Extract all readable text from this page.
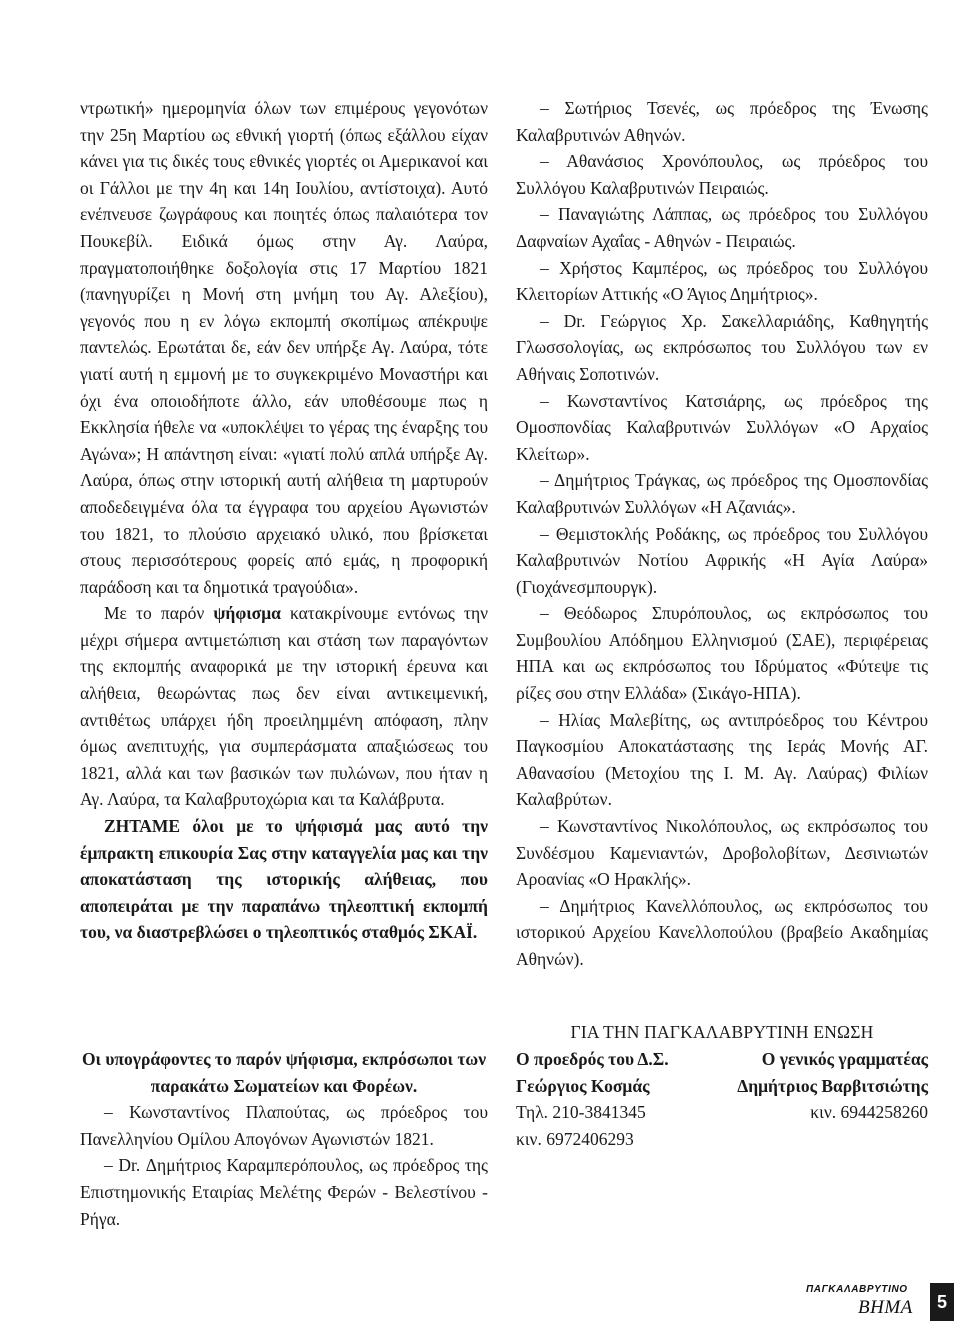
ντρωτική» ημερομηνία όλων των επιμέρους γεγονότων την 25η Μαρτίου ως εθνική γιορτή (όπως εξάλλου είχαν κάνει για τις δικές τους εθνικές γιορτές οι Αμερικανοί και οι Γάλλοι με την 4η και 14η Ιουλίου, αντίστοιχα). Αυτό ενέπνευσε ζωγράφους και ποιητές όπως παλαιότερα τον Πουκεβίλ. Ειδικά όμως στην Αγ. Λαύρα, πραγματοποιήθηκε δοξολογία στις 17 Μαρτίου 1821 (πανηγυρίζει η Μονή στη μνήμη του Αγ. Αλεξίου), γεγονός που η εν λόγω εκπομπή σκοπίμως απέκρυψε παντελώς. Ερωτάται δε, εάν δεν υπήρξε Αγ. Λαύρα, τότε γιατί αυτή η εμμονή με το συγκεκριμένο Μοναστήρι και όχι ένα οποιοδήποτε άλλο, εάν υποθέσουμε πως η Εκκλησία ήθελε να «υποκλέψει το γέρας της έναρξης του Αγώνα»; Η απάντηση είναι: «γιατί πολύ απλά υπήρξε Αγ. Λαύρα, όπως στην ιστορική αυτή αλήθεια τη μαρτυρούν αποδεδειγμένα όλα τα έγγραφα του αρχείου Αγωνιστών του 1821, το πλούσιο αρχειακό υλικό, που βρίσκεται στους περισσότερους φορείς από εμάς, η προφορική παράδοση και τα δημοτικά τραγούδια».

Με το παρόν ψήφισμα κατακρίνουμε εντόνως την μέχρι σήμερα αντιμετώπιση και στάση των παραγόντων της εκπομπής αναφορικά με την ιστορική έρευνα και αλήθεια, θεωρώντας πως δεν είναι αντικειμενική, αντιθέτως υπάρχει ήδη προειλημμένη απόφαση, πλην όμως ανεπιτυχής, για συμπεράσματα απαξιώσεως του 1821, αλλά και των βασικών των πυλώνων, που ήταν η Αγ. Λαύρα, τα Καλαβρυτοχώρια και τα Καλάβρυτα.

ΖΗΤΑΜΕ όλοι με το ψήφισμά μας αυτό την έμπρακτη επικουρία Σας στην καταγγελία μας και την αποκατάσταση της ιστορικής αλήθειας, που αποπειράται με την παραπάνω τηλεοπτική εκπομπή του, να διαστρεβλώσει ο τηλεοπτικός σταθμός ΣΚΑΪ.

Οι υπογράφοντες το παρόν ψήφισμα, εκπρόσωποι των παρακάτω Σωματείων και Φορέων.

– Κωνσταντίνος Πλαπούτας, ως πρόεδρος του Πανελληνίου Ομίλου Απογόνων Αγωνιστών 1821.

– Dr. Δημήτριος Καραμπερόπουλος, ως πρόεδρος της Επιστημονικής Εταιρίας Μελέτης Φερών - Βελεστίνου - Ρήγα.

– Σωτήριος Τσενές, ως πρόεδρος της Ένωσης Καλαβρυτινών Αθηνών.

– Αθανάσιος Χρονόπουλος, ως πρόεδρος του Συλλόγου Καλαβρυτινών Πειραιώς.

– Παναγιώτης Λάππας, ως πρόεδρος του Συλλόγου Δαφναίων Αχαΐας - Αθηνών - Πειραιώς.

– Χρήστος Καμπέρος, ως πρόεδρος του Συλλόγου Κλειτορίων Αττικής «Ο Άγιος Δημήτριος».

– Dr. Γεώργιος Χρ. Σακελλαριάδης, Καθηγητής Γλωσσολογίας, ως εκπρόσωπος του Συλλόγου των εν Αθήναις Σοποτινών.

– Κωνσταντίνος Κατσιάρης, ως πρόεδρος της Ομοσπονδίας Καλαβρυτινών Συλλόγων «Ο Αρχαίος Κλείτωρ».

– Δημήτριος Τράγκας, ως πρόεδρος της Ομοσπονδίας Καλαβρυτινών Συλλόγων «Η Αζανιάς».

– Θεμιστοκλής Ροδάκης, ως πρόεδρος του Συλλόγου Καλαβρυτινών Νοτίου Αφρικής «Η Αγία Λαύρα» (Γιοχάνεσμπουργκ).

– Θεόδωρος Σπυρόπουλος, ως εκπρόσωπος του Συμβουλίου Απόδημου Ελληνισμού (ΣΑΕ), περιφέρειας ΗΠΑ και ως εκπρόσωπος του Ιδρύματος «Φύτεψε τις ρίζες σου στην Ελλάδα» (Σικάγο-ΗΠΑ).

– Ηλίας Μαλεβίτης, ως αντιπρόεδρος του Κέντρου Παγκοσμίου Αποκατάστασης της Ιεράς Μονής ΑΓ. Αθανασίου (Μετοχίου της Ι. Μ. Αγ. Λαύρας) Φιλίων Καλαβρύτων.

– Κωνσταντίνος Νικολόπουλος, ως εκπρόσωπος του Συνδέσμου Καμενιαντών, Δροβολοβίτων, Δεσινιωτών Αροανίας «Ο Ηρακλής».

– Δημήτριος Κανελλόπουλος, ως εκπρόσωπος του ιστορικού Αρχείου Κανελλοπούλου (βραβείο Ακαδημίας Αθηνών).

ΓΙΑ ΤΗΝ ΠΑΓΚΑΛΑΒΡΥΤΙΝΗ ΕΝΩΣΗ

Ο προεδρός του Δ.Σ.
Γεώργιος Κοσμάς
Τηλ. 210-3841345
κιν. 6972406293
Ο γενικός γραμματέας
Δημήτριος Βαρβιτσιώτης
κιν. 6944258260
ΠΑΓΚΑΛΑΒΡΥΤΙΝΟ
ΒΗΜΑ	5
